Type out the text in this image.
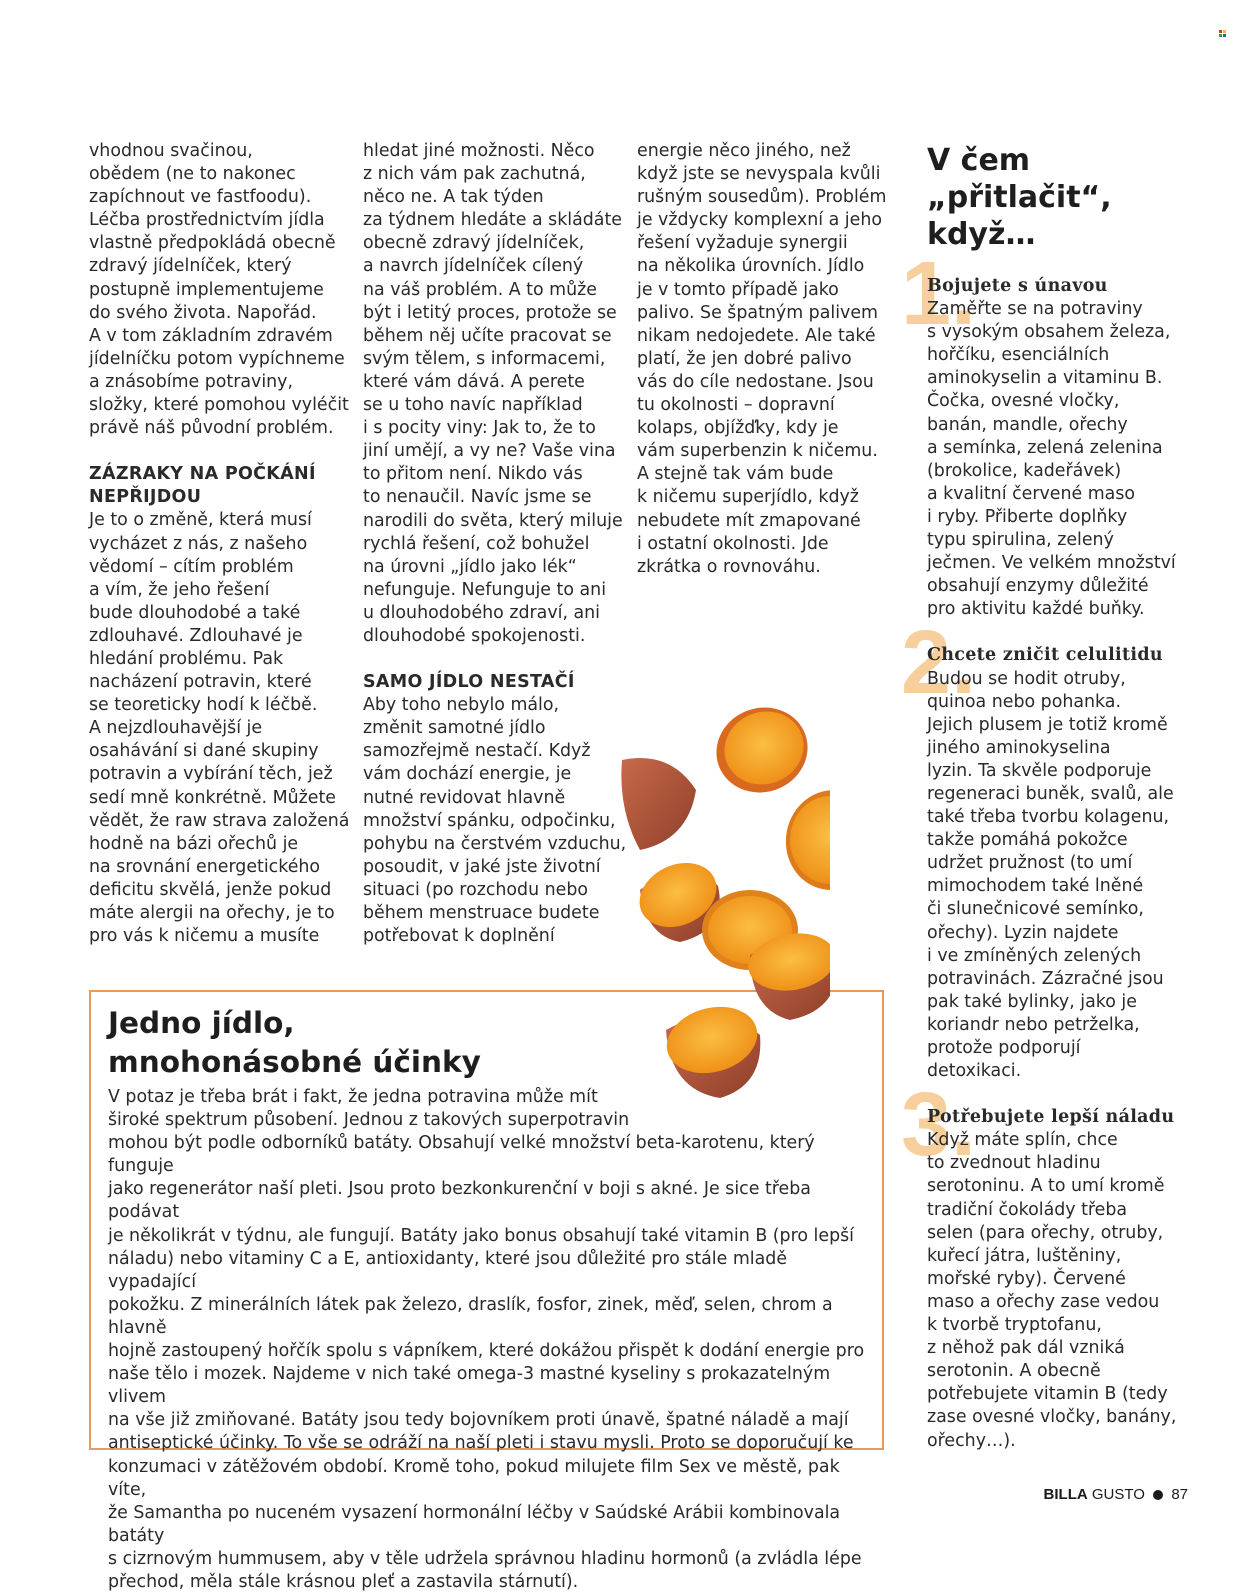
vhodnou svačinou,
obědem (ne to nakonec
zapíchnout ve fastfoodu).
Léčba prostřednictvím jídla
vlastně předpokládá obecně
zdravý jídelníček, který
postupně implementujeme
do svého života. Napořád.
A v tom základním zdravém
jídelníčku potom vypíchneme
a znásobíme potraviny,
složky, které pomohou vyléčit
právě náš původní problém.

ZÁZRAKY NA POČKÁNÍ
NEPŘIJDOU

Je to o změně, která musí
vycházet z nás, z našeho
vědomí – cítím problém
a vím, že jeho řešení
bude dlouhodobé a také
zdlouhavé. Zdlouhavé je
hledání problému. Pak
nacházení potravin, které
se teoreticky hodí k léčbě.
A nejzdlouhavější je
osahávání si dané skupiny
potravin a vybírání těch, jež
sedí mně konkrétně. Můžete
vědět, že raw strava založená
hodně na bázi ořechů je
na srovnání energetického
deficitu skvělá, jenže pokud
máte alergii na ořechy, je to
pro vás k ničemu a musíte

hledat jiné možnosti. Něco
z nich vám pak zachutná,
něco ne. A tak týden
za týdnem hledáte a skládáte
obecně zdravý jídelníček,
a navrch jídelníček cílený
na váš problém. A to může
být i letitý proces, protože se
během něj učíte pracovat se
svým tělem, s informacemi,
které vám dává. A perete
se u toho navíc například
i s pocity viny: Jak to, že to
jiní umějí, a vy ne? Vaše vina
to přitom není. Nikdo vás
to nenaučil. Navíc jsme se
narodili do světa, který miluje
rychlá řešení, což bohužel
na úrovni „jídlo jako lék“
nefunguje. Nefunguje to ani
u dlouhodobého zdraví, ani
dlouhodobé spokojenosti.

SAMO JÍDLO NESTAČÍ

Aby toho nebylo málo,
změnit samotné jídlo
samozřejmě nestačí. Když
vám dochází energie, je
nutné revidovat hlavně
množství spánku, odpočinku,
pohybu na čerstvém vzduchu,
posoudit, v jaké jste životní
situaci (po rozchodu nebo
během menstruace budete
potřebovat k doplnění

energie něco jiného, než
když jste se nevyspala kvůli
rušným sousedům). Problém
je vždycky komplexní a jeho
řešení vyžaduje synergii
na několika úrovních. Jídlo
je v tomto případě jako
palivo. Se špatným palivem
nikam nedojedete. Ale také
platí, že jen dobré palivo
vás do cíle nedostane. Jsou
tu okolnosti – dopravní
kolaps, objížďky, kdy je
vám superbenzin k ničemu.
A stejně tak vám bude
k ničemu superjídlo, když
nebudete mít zmapované
i ostatní okolnosti. Jde
zkrátka o rovnováhu.

V čem
„přitlačit“,
když…
1.
Bojujete s únavou

Zaměřte se na potraviny
s vysokým obsahem železa,
hořčíku, esenciálních
aminokyselin a vitaminu B.
Čočka, ovesné vločky,
banán, mandle, ořechy
a semínka, zelená zelenina
(brokolice, kadeřávek)
a kvalitní červené maso
i ryby. Přiberte doplňky
typu spirulina, zelený
ječmen. Ve velkém množství
obsahují enzymy důležité
pro aktivitu každé buňky.

2.
Chcete zničit celulitidu

Budou se hodit otruby,
quinoa nebo pohanka.
Jejich plusem je totiž kromě
jiného aminokyselina
lyzin. Ta skvěle podporuje
regeneraci buněk, svalů, ale
také třeba tvorbu kolagenu,
takže pomáhá pokožce
udržet pružnost (to umí
mimochodem také lněné
či slunečnicové semínko,
ořechy). Lyzin najdete
i ve zmíněných zelených
potravinách. Zázračné jsou
pak také bylinky, jako je
koriandr nebo petrželka,
protože podporují
detoxikaci.

3.
Potřebujete lepší náladu

Když máte splín, chce
to zvednout hladinu
serotoninu. A to umí kromě
tradiční čokolády třeba
selen (para ořechy, otruby,
kuřecí játra, luštěniny,
mořské ryby). Červené
maso a ořechy zase vedou
k tvorbě tryptofanu,
z něhož pak dál vzniká
serotonin. A obecně
potřebujete vitamin B (tedy
zase ovesné vločky, banány,
ořechy…).

Jedno jídlo,
mnohonásobné účinky
V potaz je třeba brát i fakt, že jedna potravina může mít
široké spektrum působení. Jednou z takových superpotravin
mohou být podle odborníků batáty. Obsahují velké množství beta-karotenu, který funguje
jako regenerátor naší pleti. Jsou proto bezkonkurenční v boji s akné. Je sice třeba podávat
je několikrát v týdnu, ale fungují. Batáty jako bonus obsahují také vitamin B (pro lepší
náladu) nebo vitaminy C a E, antioxidanty, které jsou důležité pro stále mladě vypadající
pokožku. Z minerálních látek pak železo, draslík, fosfor, zinek, měď, selen, chrom a hlavně
hojně zastoupený hořčík spolu s vápníkem, které dokážou přispět k dodání energie pro
naše tělo i mozek. Najdeme v nich také omega-3 mastné kyseliny s prokazatelným vlivem
na vše již zmiňované. Batáty jsou tedy bojovníkem proti únavě, špatné náladě a mají
antiseptické účinky. To vše se odráží na naší pleti i stavu mysli. Proto se doporučují ke
konzumaci v zátěžovém období. Kromě toho, pokud milujete film Sex ve městě, pak víte,
že Samantha po nuceném vysazení hormonální léčby v Saúdské Arábii kombinovala batáty
s cizrnovým hummusem, aby v těle udržela správnou hladinu hormonů (a zvládla lépe
přechod, měla stále krásnou pleť a zastavila stárnutí).
BILLA GUSTO 87
